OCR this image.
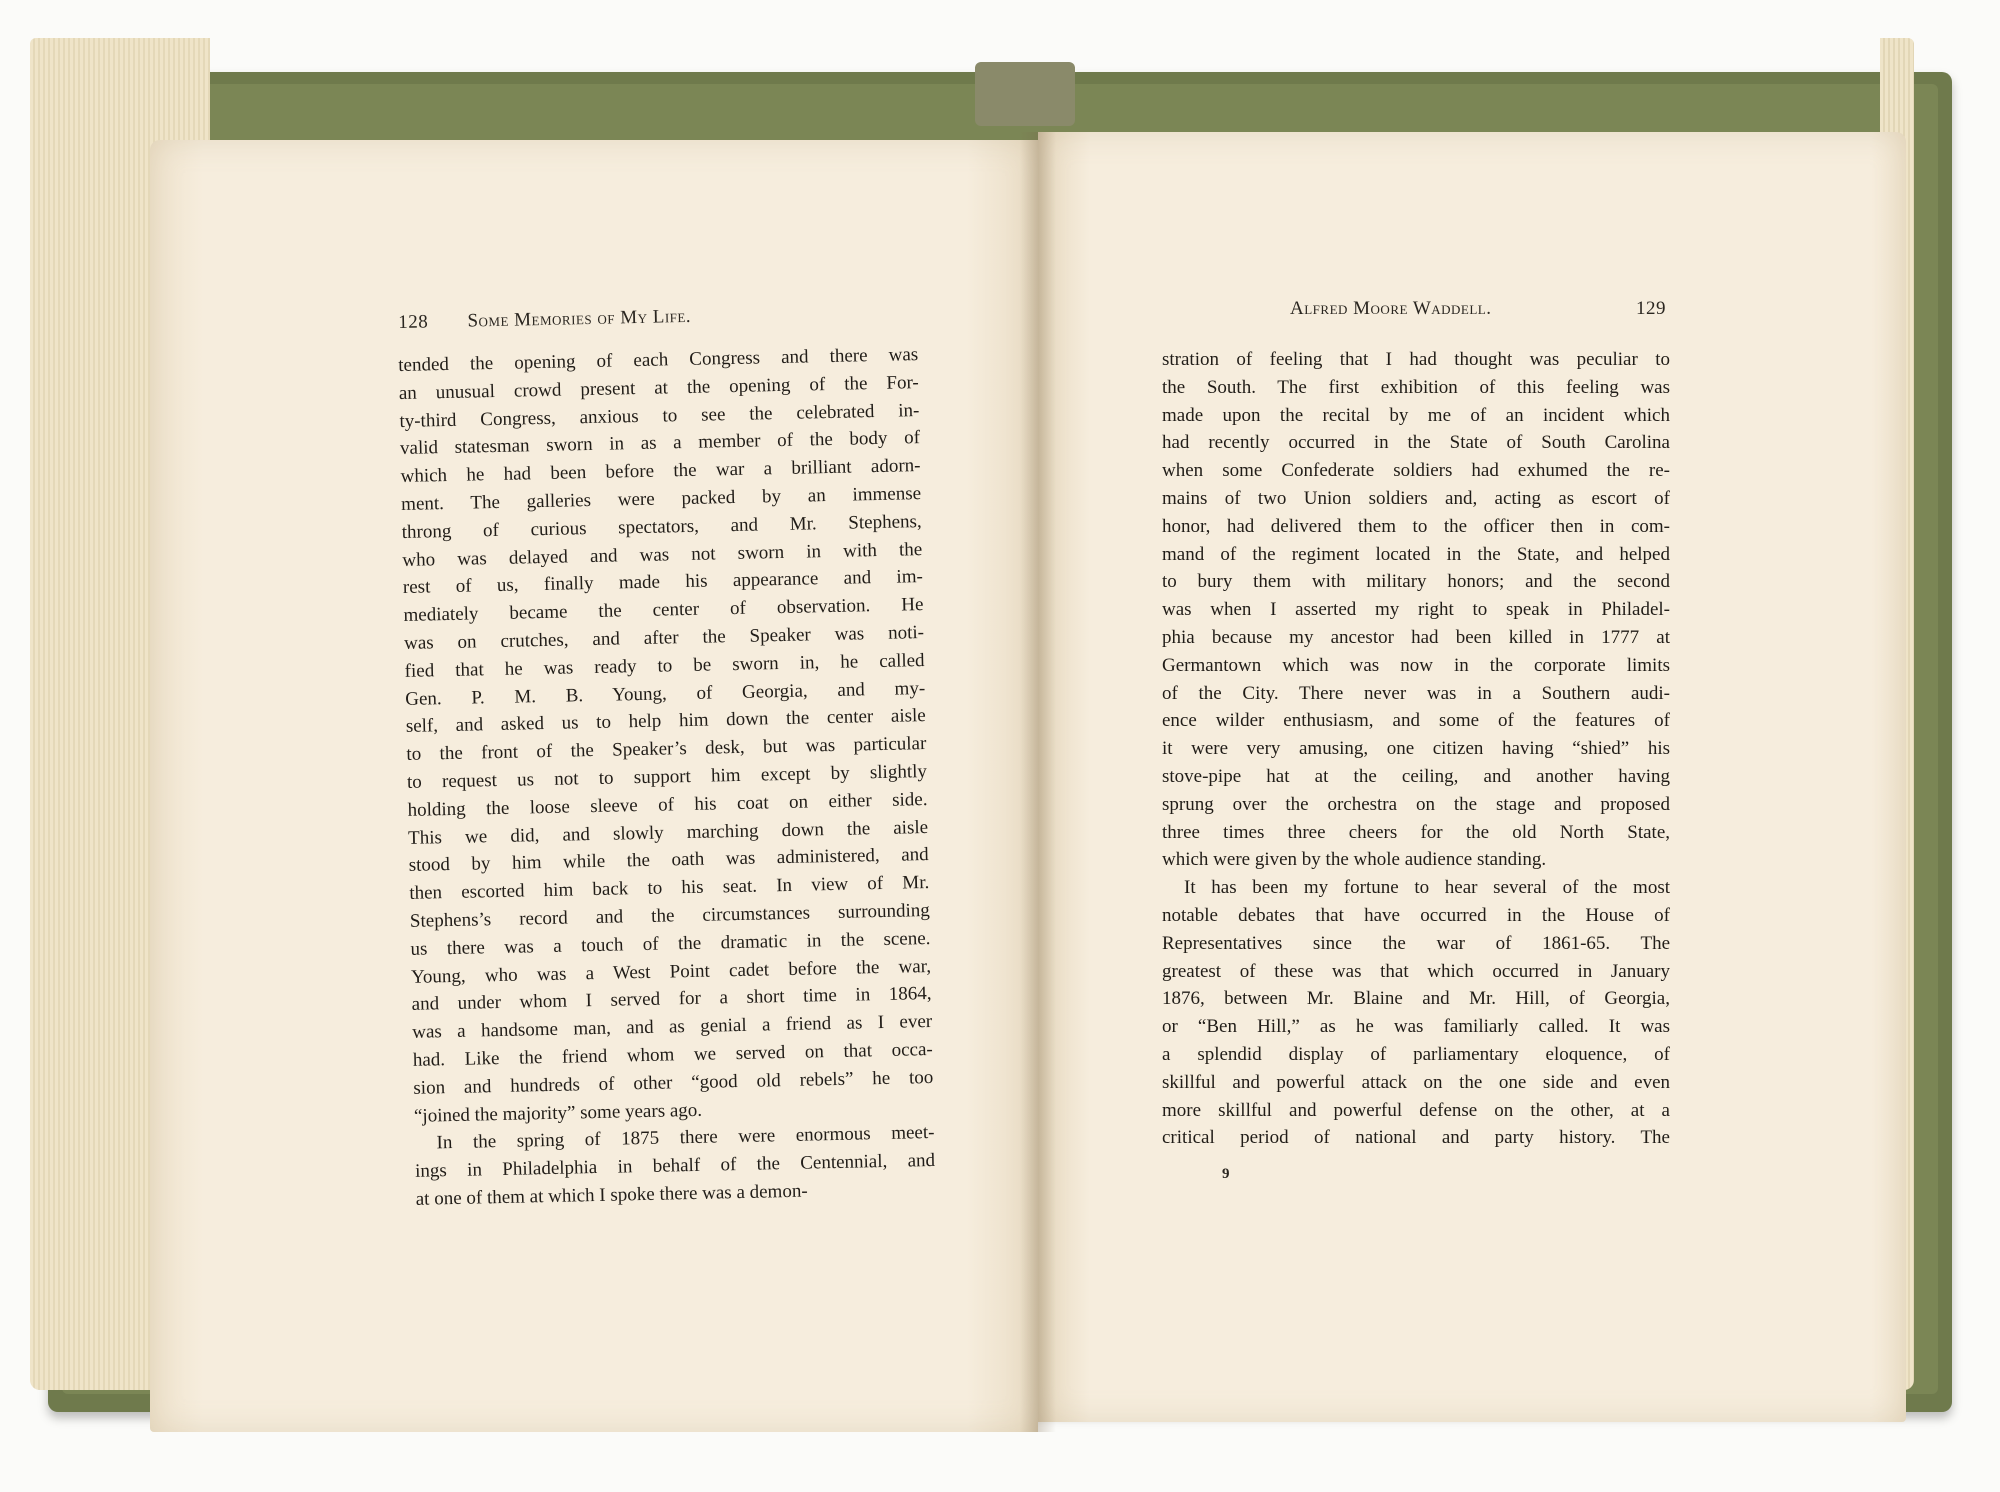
128 Some Memories of My Life.	Alfred Moore Waddell.	129
tended the opening of each Congress and there was
an unusual crowd present at the opening of the For-
ty-third Congress, anxious to see the celebrated in-
valid statesman sworn in as a member of the body of
which he had been before the war a brilliant adorn-
ment. The galleries were packed by an immense
throng of curious spectators, and Mr. Stephens,
who was delayed and was not sworn in with the
rest of us, finally made his appearance and im-
mediately became the center of observation. He
was on crutches, and after the Speaker was noti-
fied that he was ready to be sworn in, he called
Gen. P. M. B. Young, of Georgia, and my-
self, and asked us to help him down the center aisle
to the front of the Speaker’s desk, but was particular
to request us not to support him except by slightly
holding the loose sleeve of his coat on either side.
This we did, and slowly marching down the aisle
stood by him while the oath was administered, and
then escorted him back to his seat. In view of Mr.
Stephens’s record and the circumstances surrounding
us there was a touch of the dramatic in the scene.
Young, who was a West Point cadet before the war,
and under whom I served for a short time in 1864,
was a handsome man, and as genial a friend as I ever
had. Like the friend whom we served on that occa-
sion and hundreds of other “good old rebels” he too
“joined the majority” some years ago.
In the spring of 1875 there were enormous meet-
ings in Philadelphia in behalf of the Centennial, and
at one of them at which I spoke there was a demon-
stration of feeling that I had thought was peculiar to
the South. The first exhibition of this feeling was
made upon the recital by me of an incident which
had recently occurred in the State of South Carolina
when some Confederate soldiers had exhumed the re-
mains of two Union soldiers and, acting as escort of
honor, had delivered them to the officer then in com-
mand of the regiment located in the State, and helped
to bury them with military honors; and the second
was when I asserted my right to speak in Philadel-
phia because my ancestor had been killed in 1777 at
Germantown which was now in the corporate limits
of the City. There never was in a Southern audi-
ence wilder enthusiasm, and some of the features of
it were very amusing, one citizen having “shied” his
stove-pipe hat at the ceiling, and another having
sprung over the orchestra on the stage and proposed
three times three cheers for the old North State,
which were given by the whole audience standing.
It has been my fortune to hear several of the most
notable debates that have occurred in the House of
Representatives since the war of 1861-65. The
greatest of these was that which occurred in January
1876, between Mr. Blaine and Mr. Hill, of Georgia,
or “Ben Hill,” as he was familiarly called. It was
a splendid display of parliamentary eloquence, of
skillful and powerful attack on the one side and even
more skillful and powerful defense on the other, at a
critical period of national and party history. The
9
